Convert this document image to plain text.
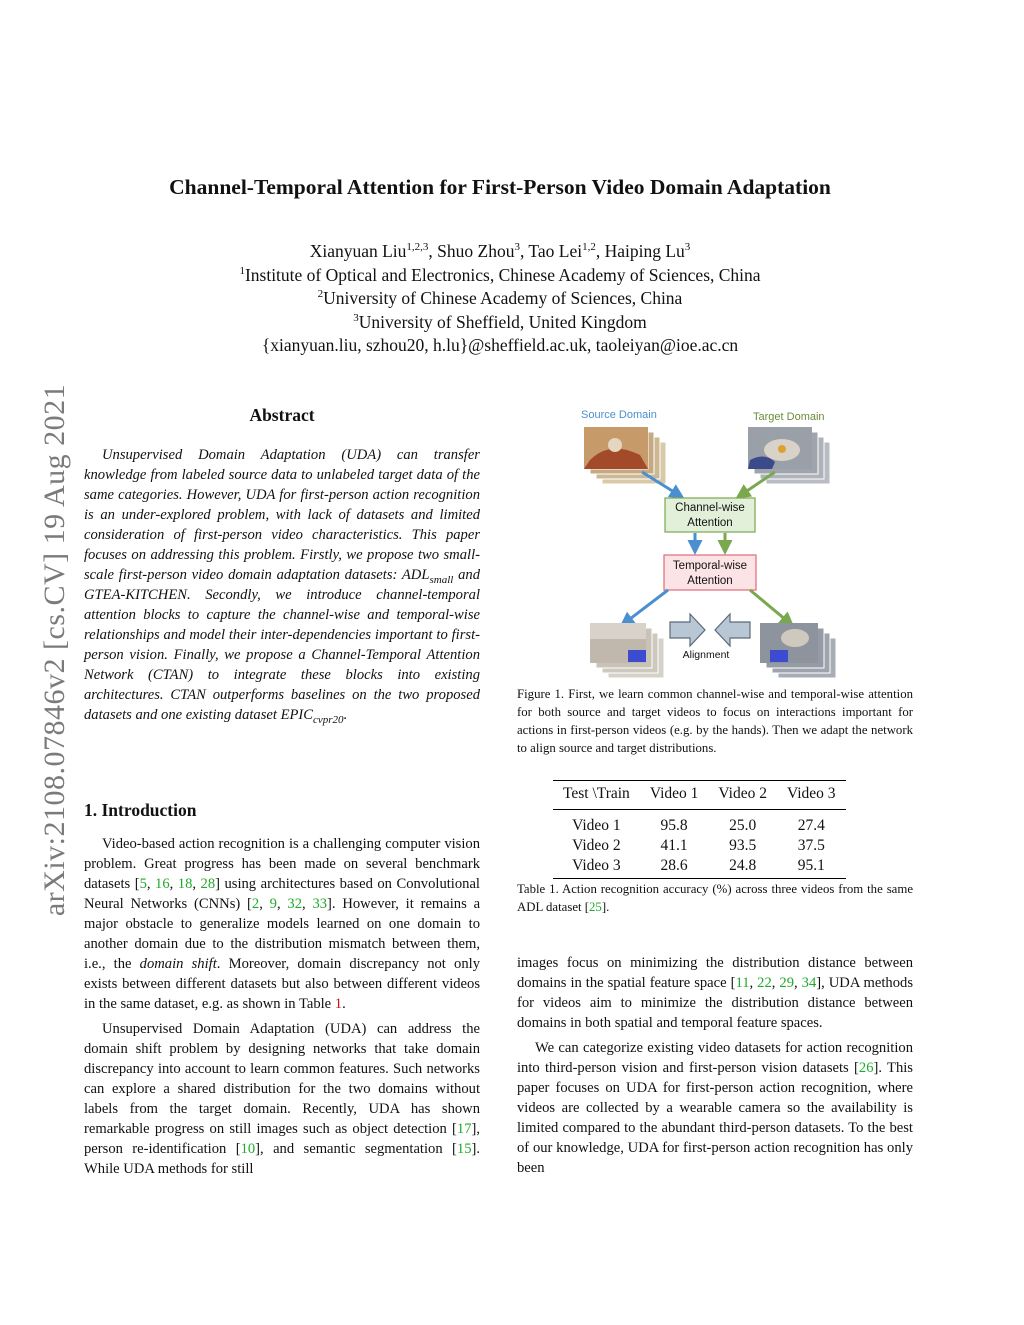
arXiv:2108.07846v2 [cs.CV] 19 Aug 2021
Channel-Temporal Attention for First-Person Video Domain Adaptation
Xianyuan Liu$^{1,2,3}$, Shuo Zhou$^3$, Tao Lei$^{1,2}$, Haiping Lu$^3$
$^1$Institute of Optical and Electronics, Chinese Academy of Sciences, China
$^2$University of Chinese Academy of Sciences, China
$^3$University of Sheffield, United Kingdom
{xianyuan.liu, szhou20, h.lu}@sheffield.ac.uk, taoleiyan@ioe.ac.cn
Abstract
Unsupervised Domain Adaptation (UDA) can transfer knowledge from labeled source data to unlabeled target data of the same categories. However, UDA for first-person action recognition is an under-explored problem, with lack of datasets and limited consideration of first-person video characteristics. This paper focuses on addressing this problem. Firstly, we propose two small-scale first-person video domain adaptation datasets: $ADL_{small}$ and GTEA-KITCHEN. Secondly, we introduce channel-temporal attention blocks to capture the channel-wise and temporal-wise relationships and model their inter-dependencies important to first-person vision. Finally, we propose a Channel-Temporal Attention Network (CTAN) to integrate these blocks into existing architectures. CTAN outperforms baselines on the two proposed datasets and one existing dataset $EPIC_{cvpr20}$.
1. Introduction

Video-based action recognition is a challenging computer vision problem. Great progress has been made on several benchmark datasets [5, 16, 18, 28] using architectures based on Convolutional Neural Networks (CNNs) [2, 9, 32, 33]. However, it remains a major obstacle to generalize models learned on one domain to another domain due to the distribution mismatch between them, i.e., the domain shift. Moreover, domain discrepancy not only exists between different datasets but also between different videos in the same dataset, e.g. as shown in Table 1.

Unsupervised Domain Adaptation (UDA) can address the domain shift problem by designing networks that take domain discrepancy into account to learn common features. Such networks can explore a shared distribution for the two domains without labels from the target domain. Recently, UDA has shown remarkable progress on still images such as object detection [17], person re-identification [10], and semantic segmentation [15]. While UDA methods for still

Source Domain	Target Domain
Channel-wise
Attention
Temporal-wise
Attention
Alignment
Figure 1. First, we learn common channel-wise and temporal-wise attention for both source and target videos to focus on interactions important for actions in first-person videos (e.g. by the hands). Then we adapt the network to align source and target distributions.
Test \Train	Video 1	Video 2	Video 3
Video 1	95.8	25.0	27.4
Video 2	41.1	93.5	37.5
Video 3	28.6	24.8	95.1
Table 1. Action recognition accuracy (%) across three videos from the same ADL dataset [25].

images focus on minimizing the distribution distance between domains in the spatial feature space [11, 22, 29, 34], UDA methods for videos aim to minimize the distribution distance between domains in both spatial and temporal feature spaces.

We can categorize existing video datasets for action recognition into third-person vision and first-person vision datasets [26]. This paper focuses on UDA for first-person action recognition, where videos are collected by a wearable camera so the availability is limited compared to the abundant third-person datasets. To the best of our knowledge, UDA for first-person action recognition has only been
